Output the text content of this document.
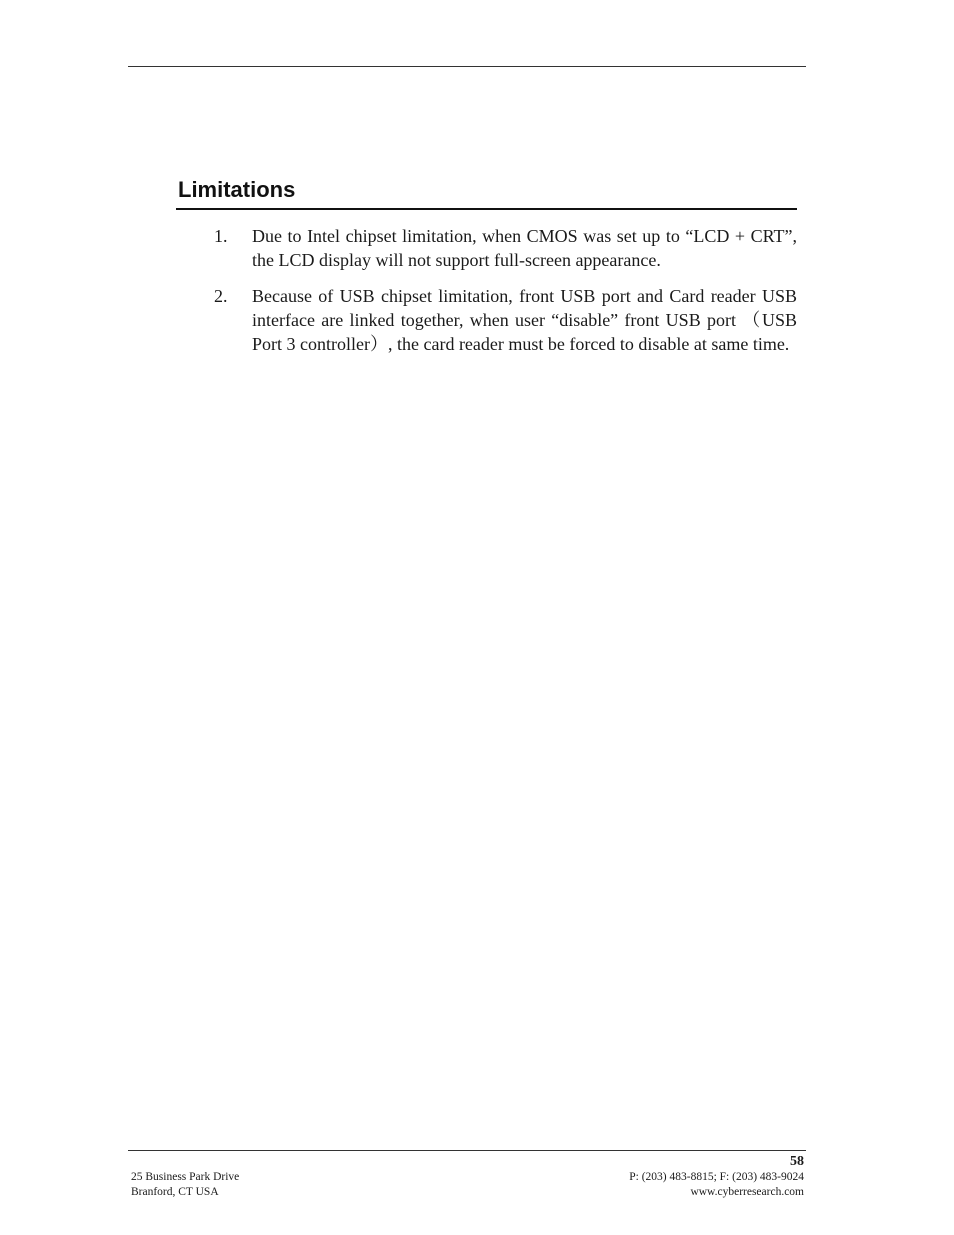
Limitations
1. Due to Intel chipset limitation, when CMOS was set up to “LCD + CRT”, the LCD display will not support full-screen appearance.
2. Because of USB chipset limitation, front USB port and Card reader USB interface are linked together, when user “disable” front USB port （USB Port 3 controller）, the card reader must be forced to disable at same time.
58
25 Business Park Drive
Branford, CT USA
P: (203) 483-8815; F: (203) 483-9024
www.cyberresearch.com
